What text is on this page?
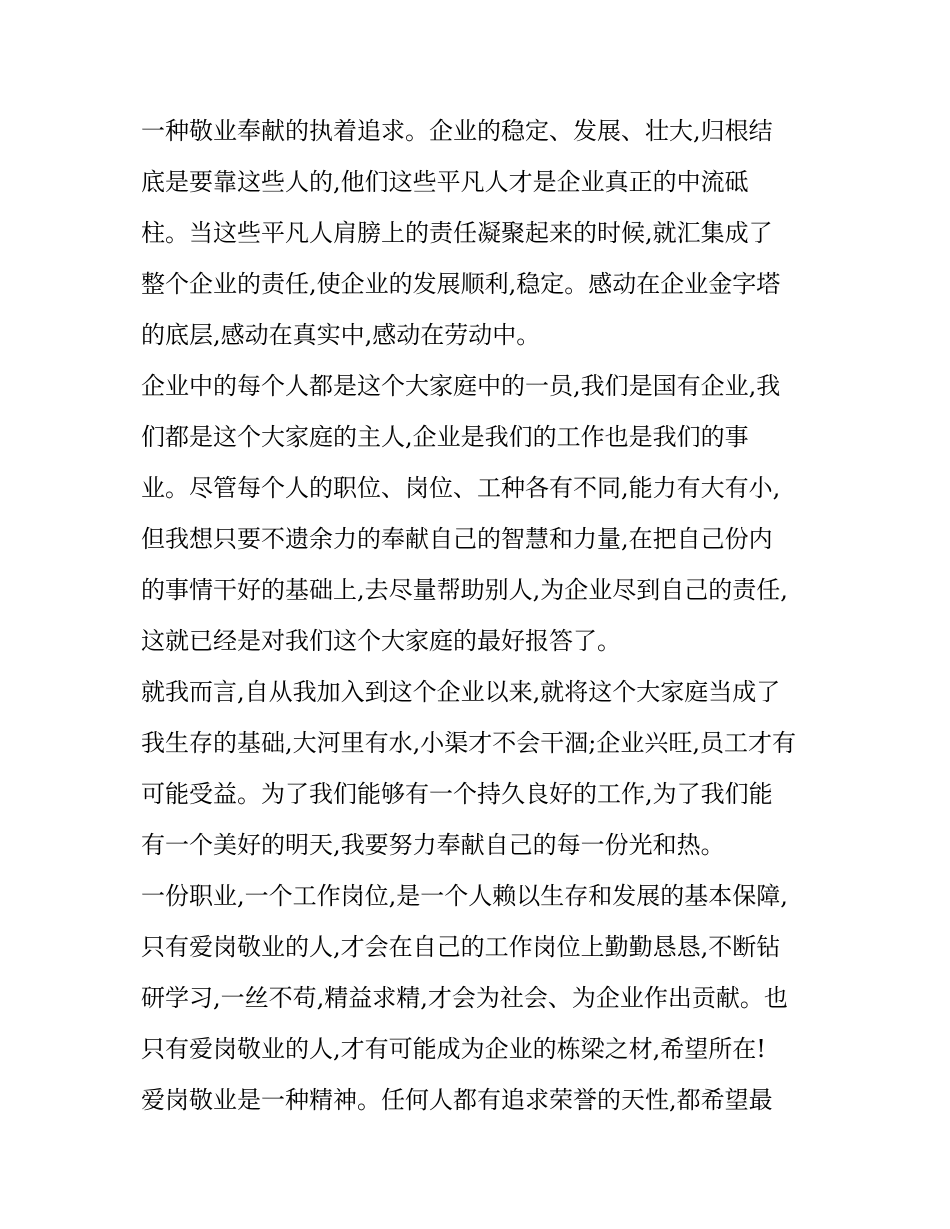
一种敬业奉献的执着追求。企业的稳定、发展、壮大,归根结
底是要靠这些人的,他们这些平凡人才是企业真正的中流砥
柱。当这些平凡人肩膀上的责任凝聚起来的时候,就汇集成了
整个企业的责任,使企业的发展顺利,稳定。感动在企业金字塔
的底层,感动在真实中,感动在劳动中。
企业中的每个人都是这个大家庭中的一员,我们是国有企业,我
们都是这个大家庭的主人,企业是我们的工作也是我们的事
业。尽管每个人的职位、岗位、工种各有不同,能力有大有小,
但我想只要不遗余力的奉献自己的智慧和力量,在把自己份内
的事情干好的基础上,去尽量帮助别人,为企业尽到自己的责任,
这就已经是对我们这个大家庭的最好报答了。
就我而言,自从我加入到这个企业以来,就将这个大家庭当成了
我生存的基础,大河里有水,小渠才不会干涸;企业兴旺,员工才有
可能受益。为了我们能够有一个持久良好的工作,为了我们能
有一个美好的明天,我要努力奉献自己的每一份光和热。
一份职业,一个工作岗位,是一个人赖以生存和发展的基本保障,
只有爱岗敬业的人,才会在自己的工作岗位上勤勤恳恳,不断钻
研学习,一丝不苟,精益求精,才会为社会、为企业作出贡献。也
只有爱岗敬业的人,才有可能成为企业的栋梁之材,希望所在!
爱岗敬业是一种精神。任何人都有追求荣誉的天性,都希望最
